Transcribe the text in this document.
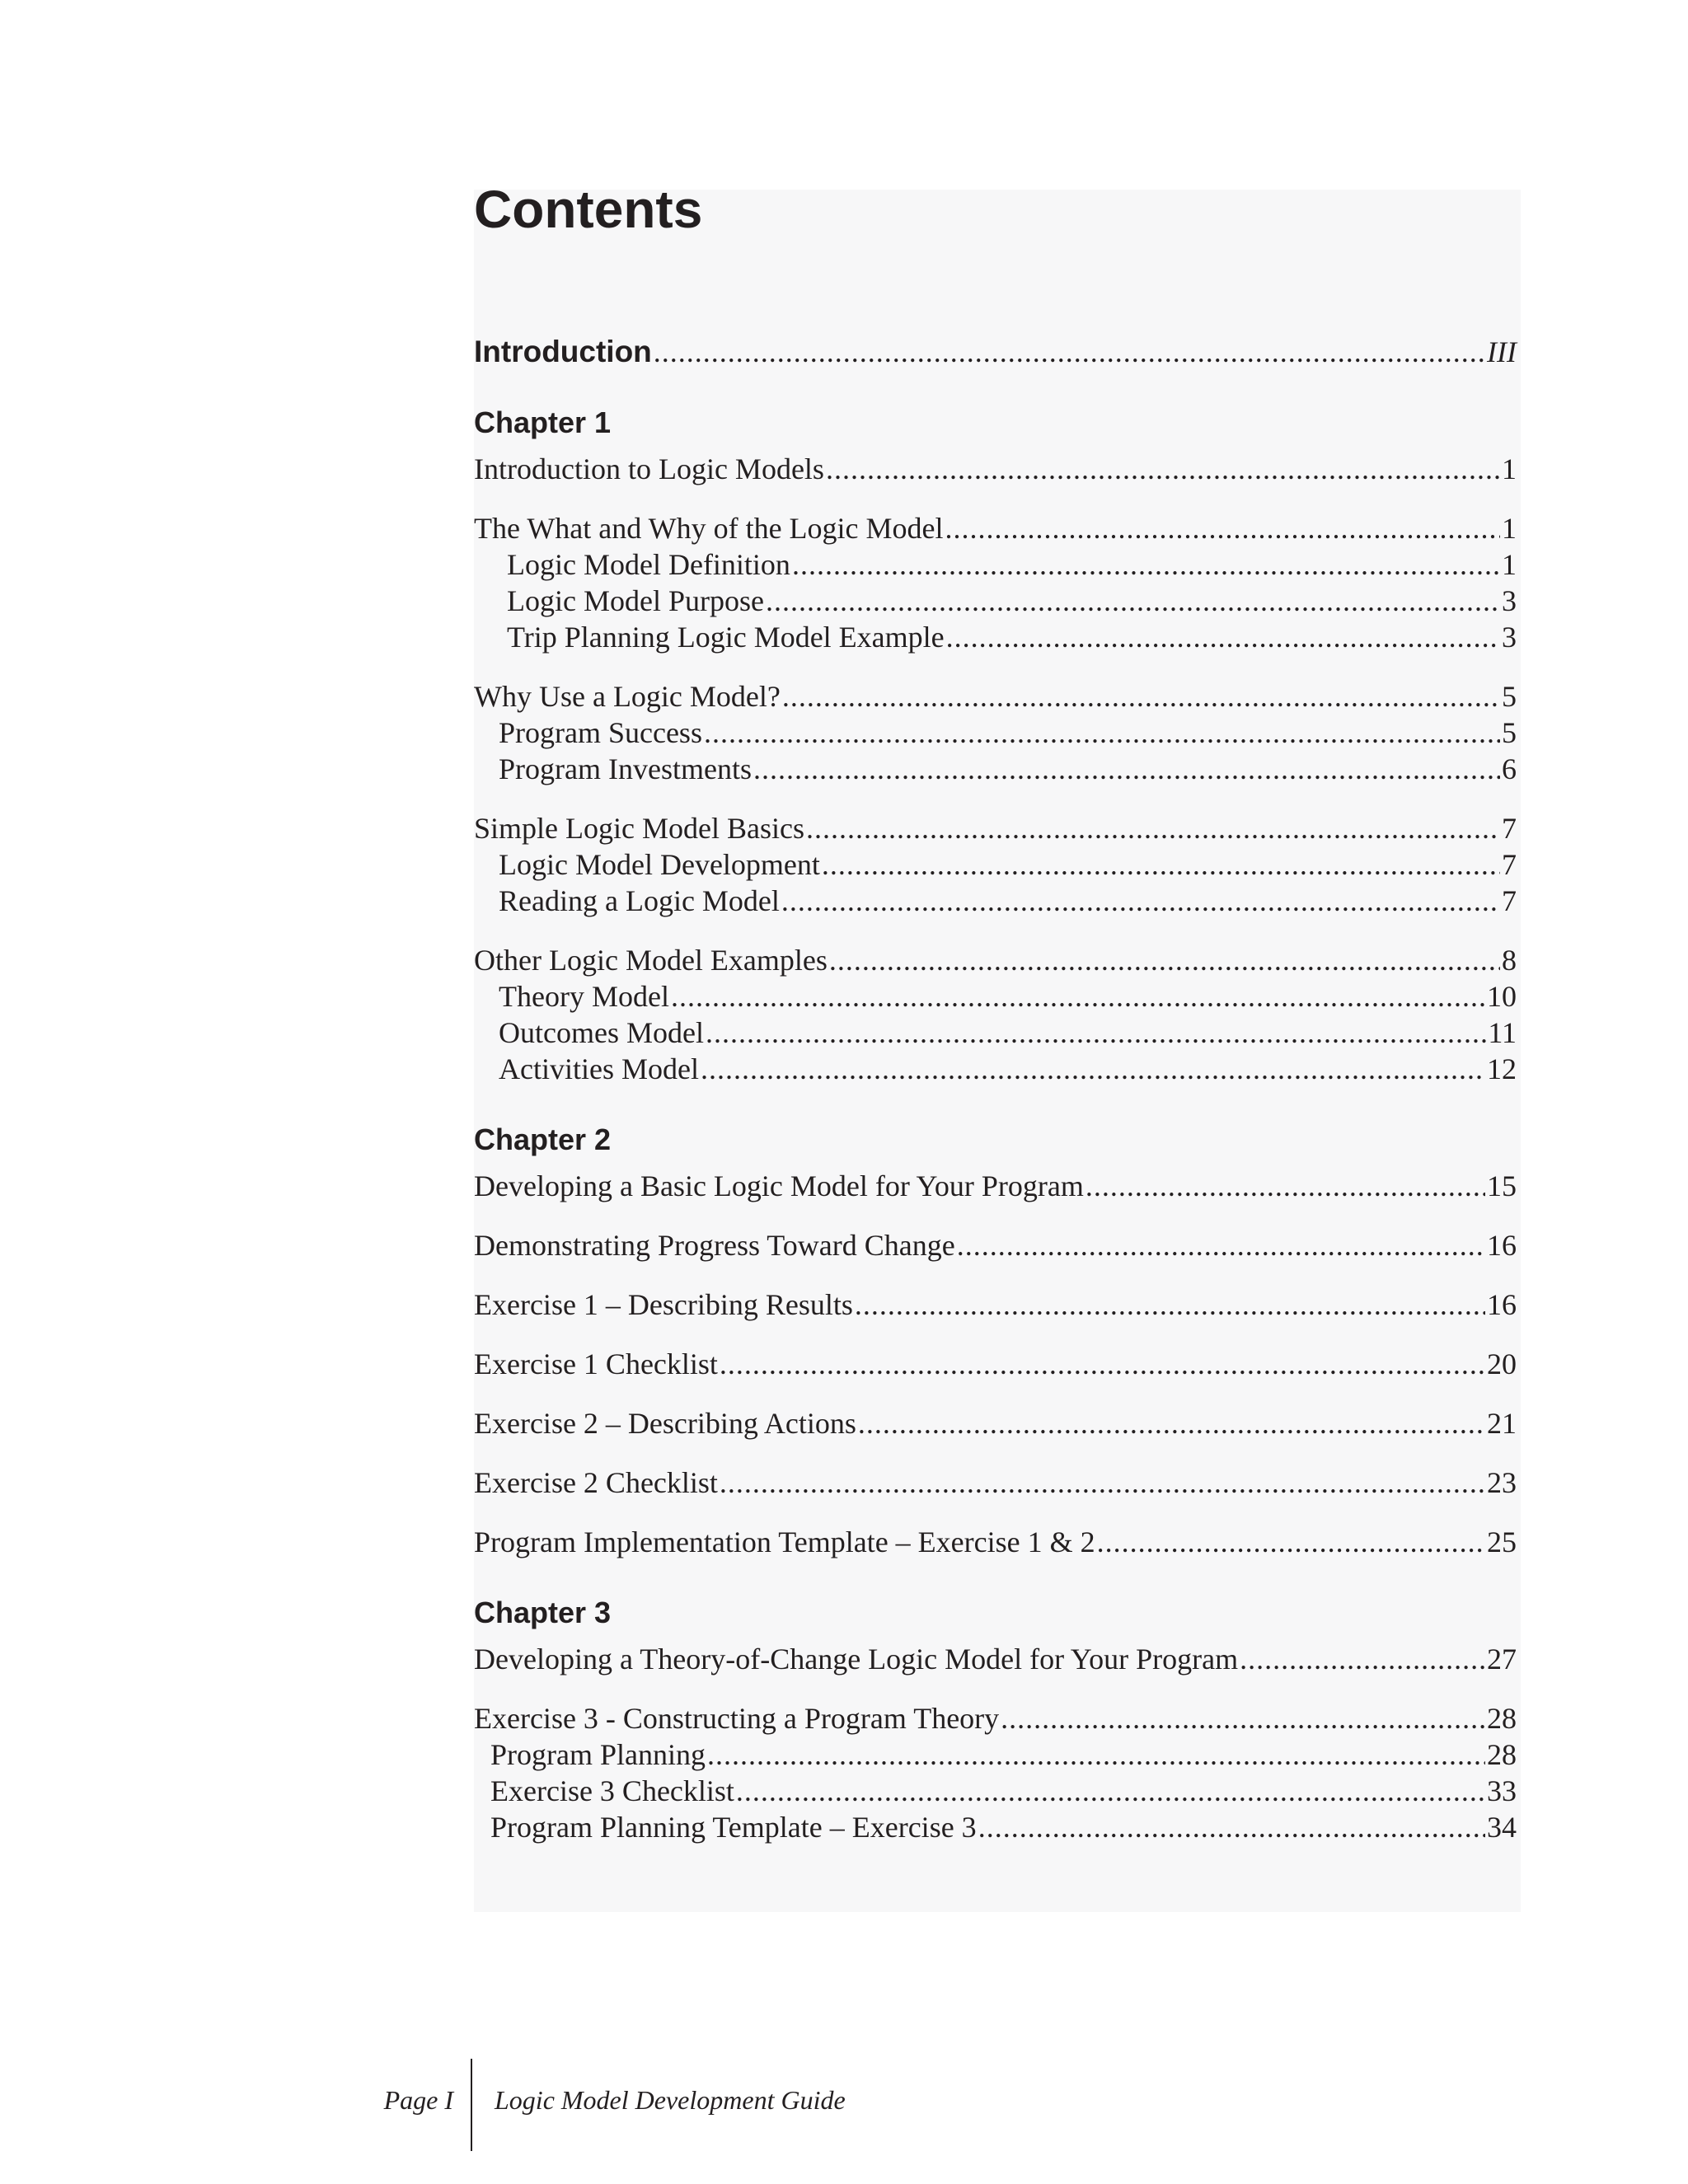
Contents
Introduction .....	III
Chapter 1
Introduction to Logic Models .....	1
The What and Why of the Logic Model .....	1
Logic Model Definition .....	1
Logic Model Purpose .....	3
Trip Planning Logic Model Example .....	3
Why Use a Logic Model? .....	5
Program Success .....	5
Program Investments .....	6
Simple Logic Model Basics .....	7
Logic Model Development .....	7
Reading a Logic Model .....	7
Other Logic Model Examples .....	8
Theory Model .....	10
Outcomes Model .....	11
Activities Model .....	12
Chapter 2
Developing a Basic Logic Model for Your Program .....	15
Demonstrating Progress Toward Change .....	16
Exercise 1 – Describing Results .....	16
Exercise 1 Checklist .....	20
Exercise 2 – Describing Actions .....	21
Exercise 2 Checklist .....	23
Program Implementation Template – Exercise 1 & 2 .....	25
Chapter 3
Developing a Theory-of-Change Logic Model for Your Program .....	27
Exercise 3 - Constructing a Program Theory .....	28
Program Planning .....	28
Exercise 3 Checklist .....	33
Program Planning Template – Exercise 3 .....	34
Page I Logic Model Development Guide
